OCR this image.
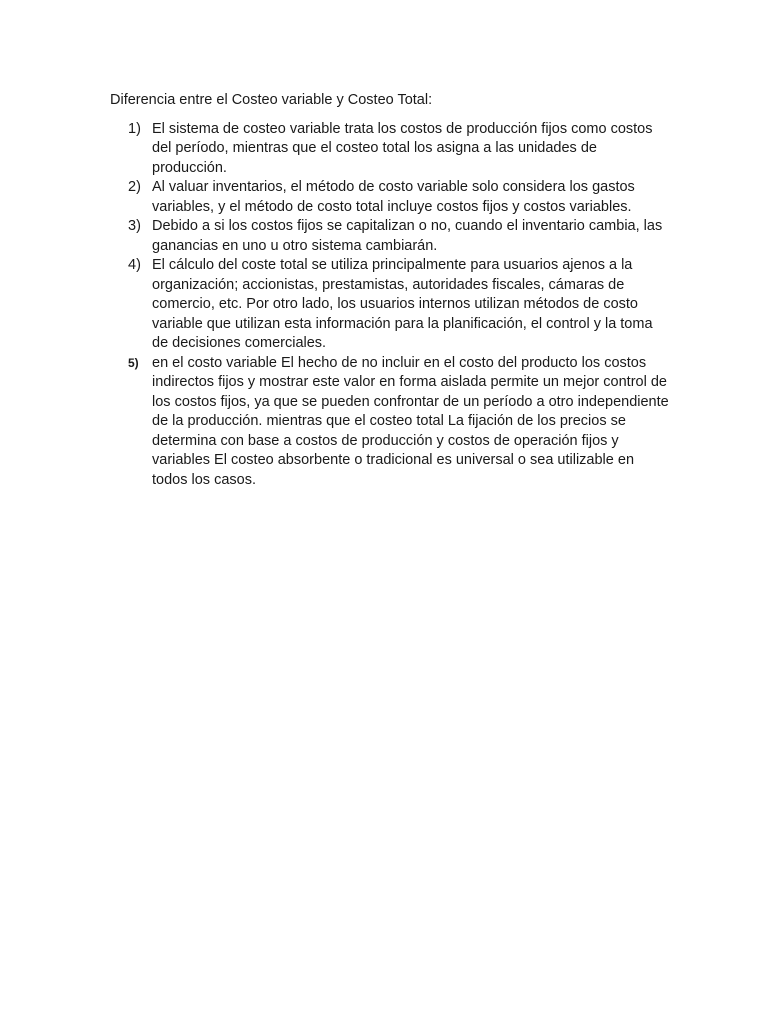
Diferencia entre el Costeo variable y Costeo Total:

1) El sistema de costeo variable trata los costos de producción fijos como costos del período, mientras que el costeo total los asigna a las unidades de producción.
2) Al valuar inventarios, el método de costo variable solo considera los gastos variables, y el método de costo total incluye costos fijos y costos variables.
3) Debido a si los costos fijos se capitalizan o no, cuando el inventario cambia, las ganancias en uno u otro sistema cambiarán.
4) El cálculo del coste total se utiliza principalmente para usuarios ajenos a la organización; accionistas, prestamistas, autoridades fiscales, cámaras de comercio, etc. Por otro lado, los usuarios internos utilizan métodos de costo variable que utilizan esta información para la planificación, el control y la toma de decisiones comerciales.
5) en el costo variable El hecho de no incluir en el costo del producto los costos indirectos fijos y mostrar este valor en forma aislada permite un mejor control de los costos fijos, ya que se pueden confrontar de un período a otro independiente de la producción. mientras que el costeo total La fijación de los precios se determina con base a costos de producción y costos de operación fijos y variables El costeo absorbente o tradicional es universal o sea utilizable en todos los casos.
